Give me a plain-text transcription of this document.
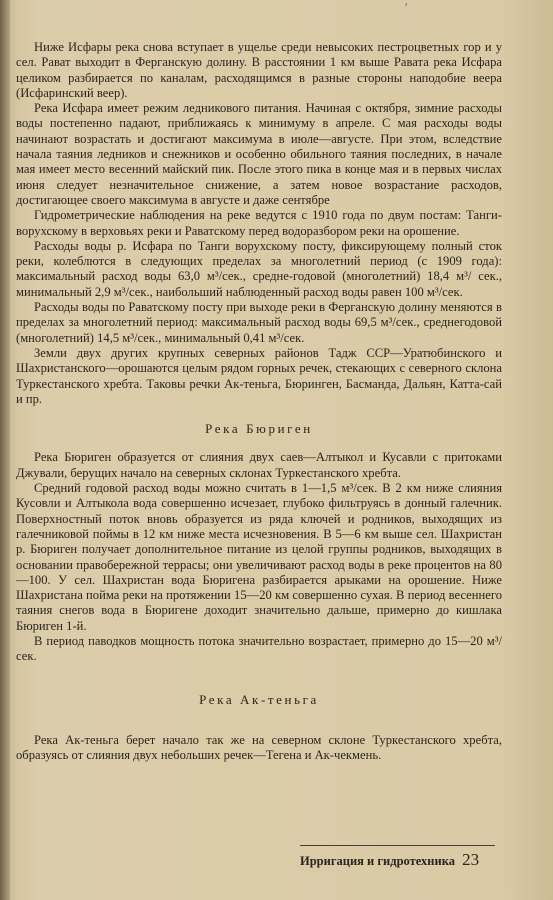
ʹ

Ниже Исфары река снова вступает в ущелье среди невысоких пестроцветных гор и у сел. Рават выходит в Ферганскую долину. В расстоянии 1 км выше Равата река Исфара целиком разбирается по каналам, расходящимся в разные стороны наподобие веера (Исфаринский веер).

Река Исфара имеет режим ледникового питания. Начиная с октября, зимние расходы воды постепенно падают, приближаясь к минимуму в апреле. С мая расходы воды начинают возрастать и достигают максимума в июле—августе. При этом, вследствие начала таяния ледников и снежников и особенно обильного таяния последних, в начале мая имеет место весенний майский пик. После этого пика в конце мая и в первых числах июня следует незначительное снижение, а затем новое возрастание расходов, достигающее своего максимума в августе и даже сентябре

Гидрометрические наблюдения на реке ведутся с 1910 года по двум постам: Танги-ворухскому в верховьях реки и Раватскому перед водоразбором реки на орошение.

Расходы воды р. Исфара по Танги ворухскому посту, фиксирующему полный сток реки, колеблются в следующих пределах за многолетний период (с 1909 года): максимальный расход воды 63,0 м³/сек., средне-годовой (многолетний) 18,4 м³/ сек., минимальный 2,9 м³/сек., наибольший наблюденный расход воды равен 100 м³/сек.

Расходы воды по Раватскому посту при выходе реки в Ферганскую долину меняются в пределах за многолетний период: максимальный расход воды 69,5 м³/сек., среднегодовой (многолетний) 14,5 м³/сек., минимальный 0,41 м³/сек.

Земли двух других крупных северных районов Тадж ССР—Уратюбинского и Шахристанского—орошаются целым рядом горных речек, стекающих с северного склона Туркестанского хребта. Таковы речки Ак-теньга, Бюринген, Басманда, Дальян, Катта-сай и пр.

Река Бюриген

Река Бюриген образуется от слияния двух саев—Алтыкол и Кусавли с притоками Джували, берущих начало на северных склонах Туркестанского хребта.

Средний годовой расход воды можно считать в 1—1,5 м³/сек. В 2 км ниже слияния Кусовли и Алтыкола вода совершенно исчезает, глубоко фильтруясь в донный галечник. Поверхностный поток вновь образуется из ряда ключей и родников, выходящих из галечниковой поймы в 12 км ниже места исчезновения. В 5—6 км выше сел. Шахристан р. Бюриген получает дополнительное питание из целой группы родников, выходящих в основании правобережной террасы; они увеличивают расход воды в реке процентов на 80—100. У сел. Шахристан вода Бюригена разбирается арыками на орошение. Ниже Шахристана пойма реки на протяжении 15—20 км совершенно сухая. В период весеннего таяния снегов вода в Бюригене доходит значительно дальше, примерно до кишлака Бюриген 1-й.

В период паводков мощность потока значительно возрастает, примерно до 15—20 м³/сек.

Река Ак-теньга

Река Ак-теньга берет начало так же на северном склоне Туркестанского хребта, образуясь от слияния двух небольших речек—Тегена и Ак-чекмень.

Ирригация и гидротехника 23
